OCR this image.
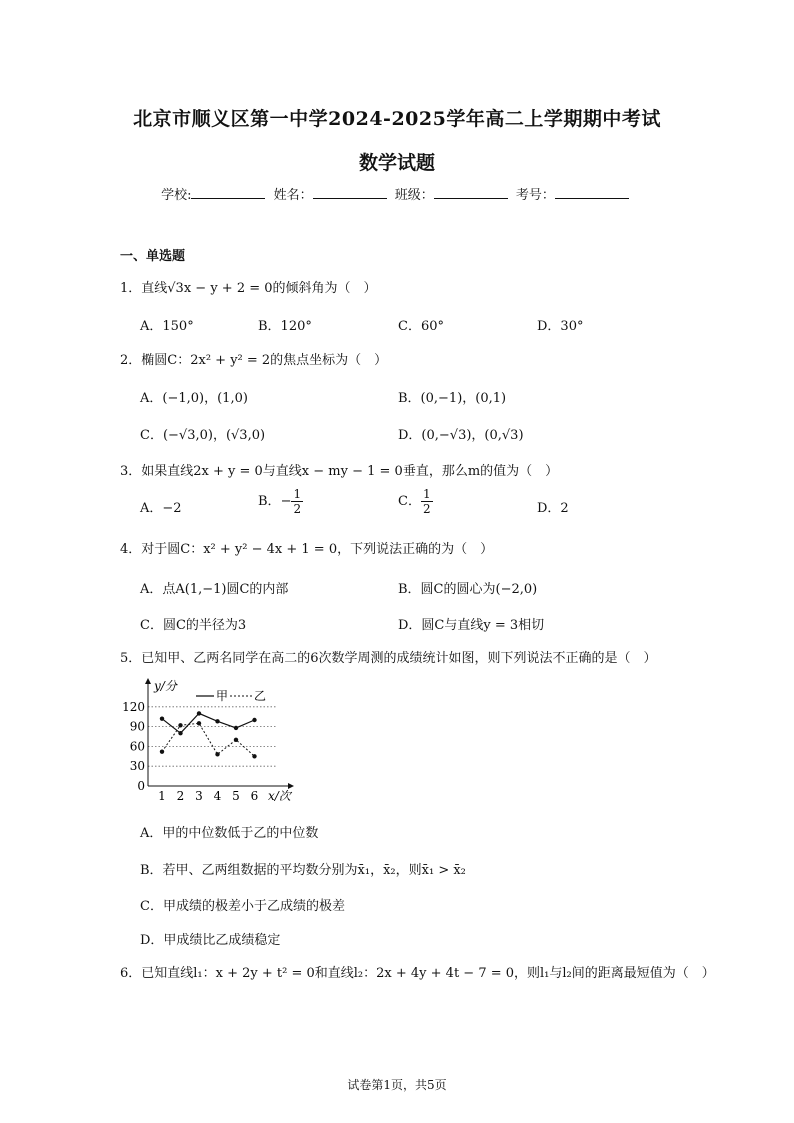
北京市顺义区第一中学2024-2025学年高二上学期期中考试
数学试题
学校:	姓名：	班级：	考号：
一、单选题
1．直线√3x − y + 2 = 0的倾斜角为（　）
A．150°	B．120°	C．60°	D．30°
2．椭圆C：2x² + y² = 2的焦点坐标为（　）
A．(−1,0)，(1,0)	B．(0,−1)，(0,1)
C．(−√3,0)，(√3,0)	D．(0,−√3)，(0,√3)
3．如果直线2x + y = 0与直线x − my − 1 = 0垂直，那么m的值为（　）
A．−2	B．− $\frac{1}{2}$	C． $\frac{1}{2}$	D．2
4．对于圆C：x² + y² − 4x + 1 = 0，下列说法正确的为（　）
A．点A(1,−1)圆C的内部	B．圆C的圆心为(−2,0)
C．圆C的半径为3	D．圆C与直线y = 3相切
5．已知甲、乙两名同学在高二的6次数学周测的成绩统计如图，则下列说法不正确的是（　）
y/分
x/次
甲 乙
0
30
60
90
120
1 2 3 4 5 6
A．甲的中位数低于乙的中位数
B．若甲、乙两组数据的平均数分别为x̄₁，x̄₂，则x̄₁ > x̄₂
C．甲成绩的极差小于乙成绩的极差
D．甲成绩比乙成绩稳定
6．已知直线l₁：x + 2y + t² = 0和直线l₂：2x + 4y + 4t − 7 = 0，则l₁与l₂间的距离最短值为（　）
试卷第1页，共5页
